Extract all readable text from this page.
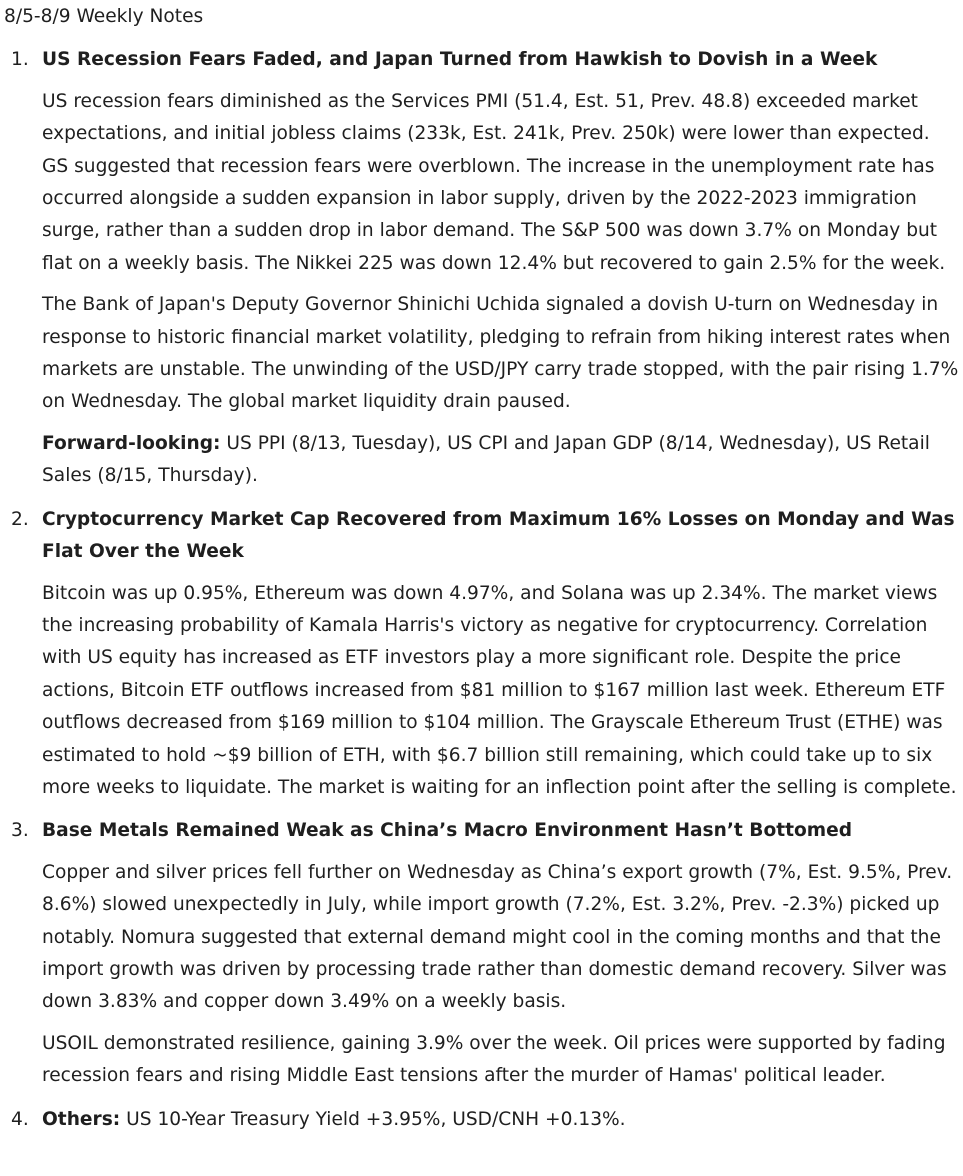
8/5-8/9 Weekly Notes
1. US Recession Fears Faded, and Japan Turned from Hawkish to Dovish in a Week

US recession fears diminished as the Services PMI (51.4, Est. 51, Prev. 48.8) exceeded market expectations, and initial jobless claims (233k, Est. 241k, Prev. 250k) were lower than expected. GS suggested that recession fears were overblown. The increase in the unemployment rate has occurred alongside a sudden expansion in labor supply, driven by the 2022-2023 immigration surge, rather than a sudden drop in labor demand. The S&P 500 was down 3.7% on Monday but flat on a weekly basis. The Nikkei 225 was down 12.4% but recovered to gain 2.5% for the week.

The Bank of Japan's Deputy Governor Shinichi Uchida signaled a dovish U-turn on Wednesday in response to historic financial market volatility, pledging to refrain from hiking interest rates when markets are unstable. The unwinding of the USD/JPY carry trade stopped, with the pair rising 1.7% on Wednesday. The global market liquidity drain paused.

Forward-looking: US PPI (8/13, Tuesday), US CPI and Japan GDP (8/14, Wednesday), US Retail Sales (8/15, Thursday).

2. Cryptocurrency Market Cap Recovered from Maximum 16% Losses on Monday and Was Flat Over the Week

Bitcoin was up 0.95%, Ethereum was down 4.97%, and Solana was up 2.34%. The market views the increasing probability of Kamala Harris's victory as negative for cryptocurrency. Correlation with US equity has increased as ETF investors play a more significant role. Despite the price actions, Bitcoin ETF outflows increased from $81 million to $167 million last week. Ethereum ETF outflows decreased from $169 million to $104 million. The Grayscale Ethereum Trust (ETHE) was estimated to hold ~$9 billion of ETH, with $6.7 billion still remaining, which could take up to six more weeks to liquidate. The market is waiting for an inflection point after the selling is complete.

3. Base Metals Remained Weak as China’s Macro Environment Hasn’t Bottomed

Copper and silver prices fell further on Wednesday as China’s export growth (7%, Est. 9.5%, Prev. 8.6%) slowed unexpectedly in July, while import growth (7.2%, Est. 3.2%, Prev. -2.3%) picked up notably. Nomura suggested that external demand might cool in the coming months and that the import growth was driven by processing trade rather than domestic demand recovery. Silver was down 3.83% and copper down 3.49% on a weekly basis.

USOIL demonstrated resilience, gaining 3.9% over the week. Oil prices were supported by fading recession fears and rising Middle East tensions after the murder of Hamas' political leader.

4. Others: US 10-Year Treasury Yield +3.95%, USD/CNH +0.13%.
